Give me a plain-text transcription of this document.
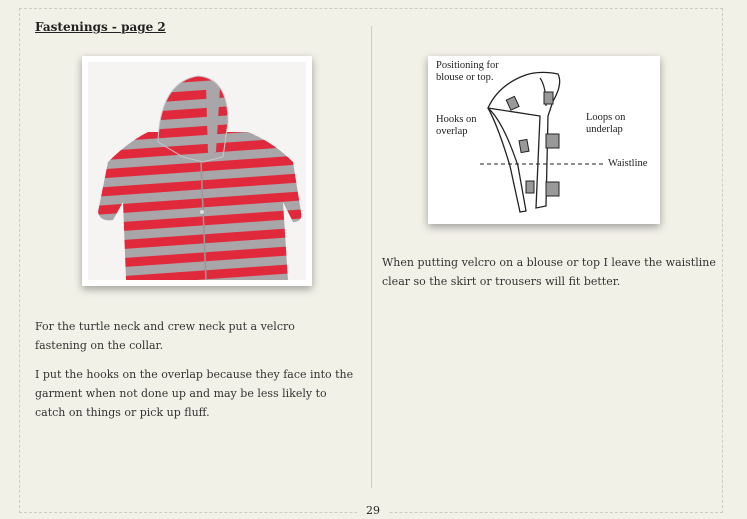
Fastenings - page 2
For the turtle neck and crew neck put a velcro fastening on the collar.
I put the hooks on the overlap because they face into the garment when not done up and may be less likely to catch on things or pick up fluff.
Positioning for blouse or top.
Hooks on overlap
Loops on underlap
Waistline
When putting velcro on a blouse or top I leave the waistline clear so the skirt or trousers will fit better.
29
